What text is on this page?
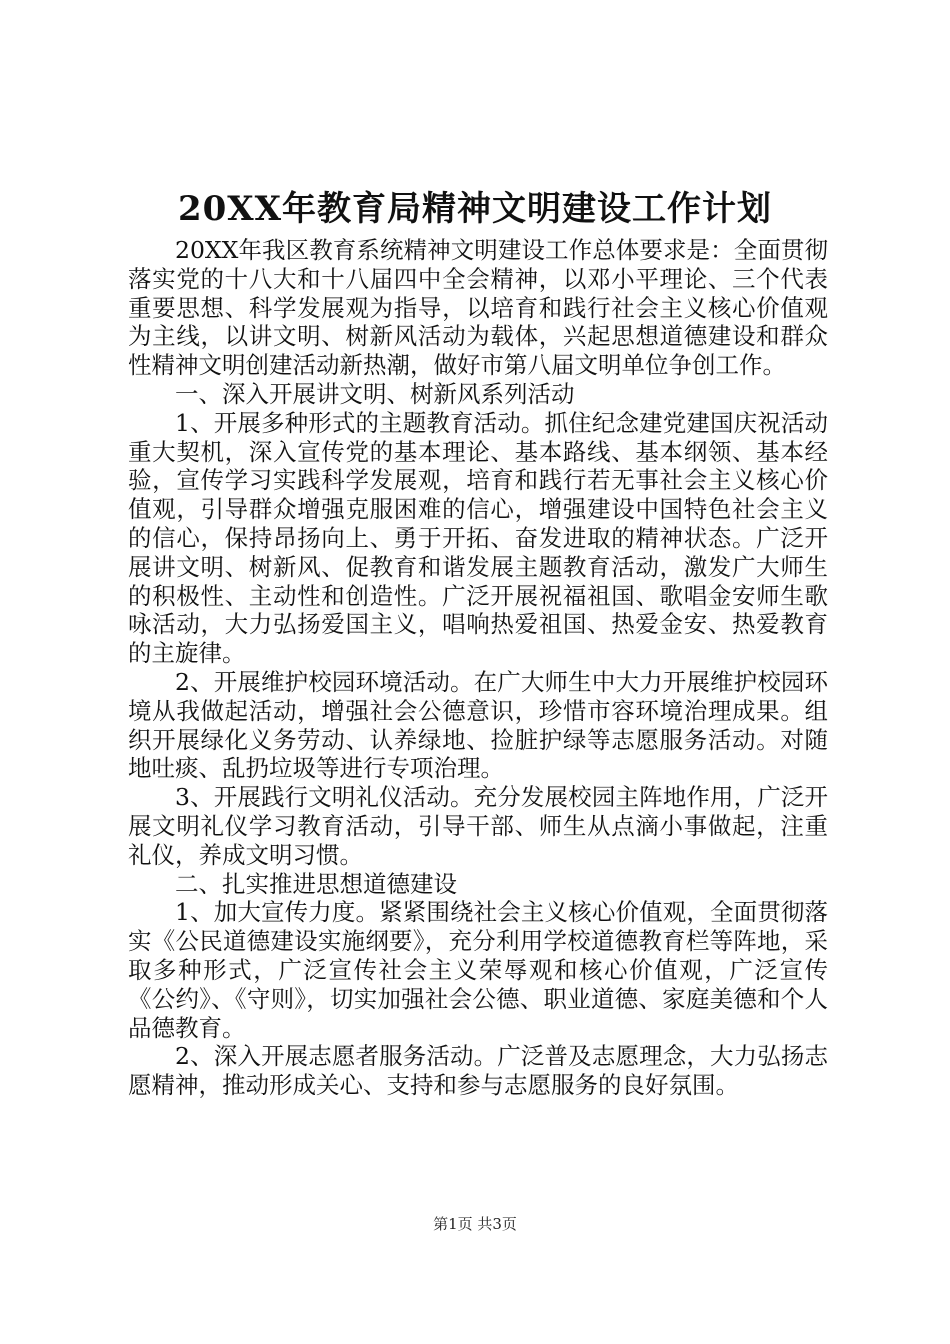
20XX年教育局精神文明建设工作计划

20XX年我区教育系统精神文明建设工作总体要求是：全面贯彻落实党的十八大和十八届四中全会精神，以邓小平理论、三个代表重要思想、科学发展观为指导，以培育和践行社会主义核心价值观为主线，以讲文明、树新风活动为载体，兴起思想道德建设和群众性精神文明创建活动新热潮，做好市第八届文明单位争创工作。

一、深入开展讲文明、树新风系列活动

1、开展多种形式的主题教育活动。抓住纪念建党建国庆祝活动重大契机，深入宣传党的基本理论、基本路线、基本纲领、基本经验，宣传学习实践科学发展观，培育和践行若无事社会主义核心价值观，引导群众增强克服困难的信心，增强建设中国特色社会主义的信心，保持昂扬向上、勇于开拓、奋发进取的精神状态。广泛开展讲文明、树新风、促教育和谐发展主题教育活动，激发广大师生的积极性、主动性和创造性。广泛开展祝福祖国、歌唱金安师生歌咏活动，大力弘扬爱国主义，唱响热爱祖国、热爱金安、热爱教育的主旋律。

2、开展维护校园环境活动。在广大师生中大力开展维护校园环境从我做起活动，增强社会公德意识，珍惜市容环境治理成果。组织开展绿化义务劳动、认养绿地、捡脏护绿等志愿服务活动。对随地吐痰、乱扔垃圾等进行专项治理。

3、开展践行文明礼仪活动。充分发展校园主阵地作用，广泛开展文明礼仪学习教育活动，引导干部、师生从点滴小事做起，注重礼仪，养成文明习惯。

二、扎实推进思想道德建设

1、加大宣传力度。紧紧围绕社会主义核心价值观，全面贯彻落实《公民道德建设实施纲要》，充分利用学校道德教育栏等阵地，采取多种形式，广泛宣传社会主义荣辱观和核心价值观，广泛宣传《公约》、《守则》，切实加强社会公德、职业道德、家庭美德和个人品德教育。

2、深入开展志愿者服务活动。广泛普及志愿理念，大力弘扬志愿精神，推动形成关心、支持和参与志愿服务的良好氛围。

第1页 共3页
